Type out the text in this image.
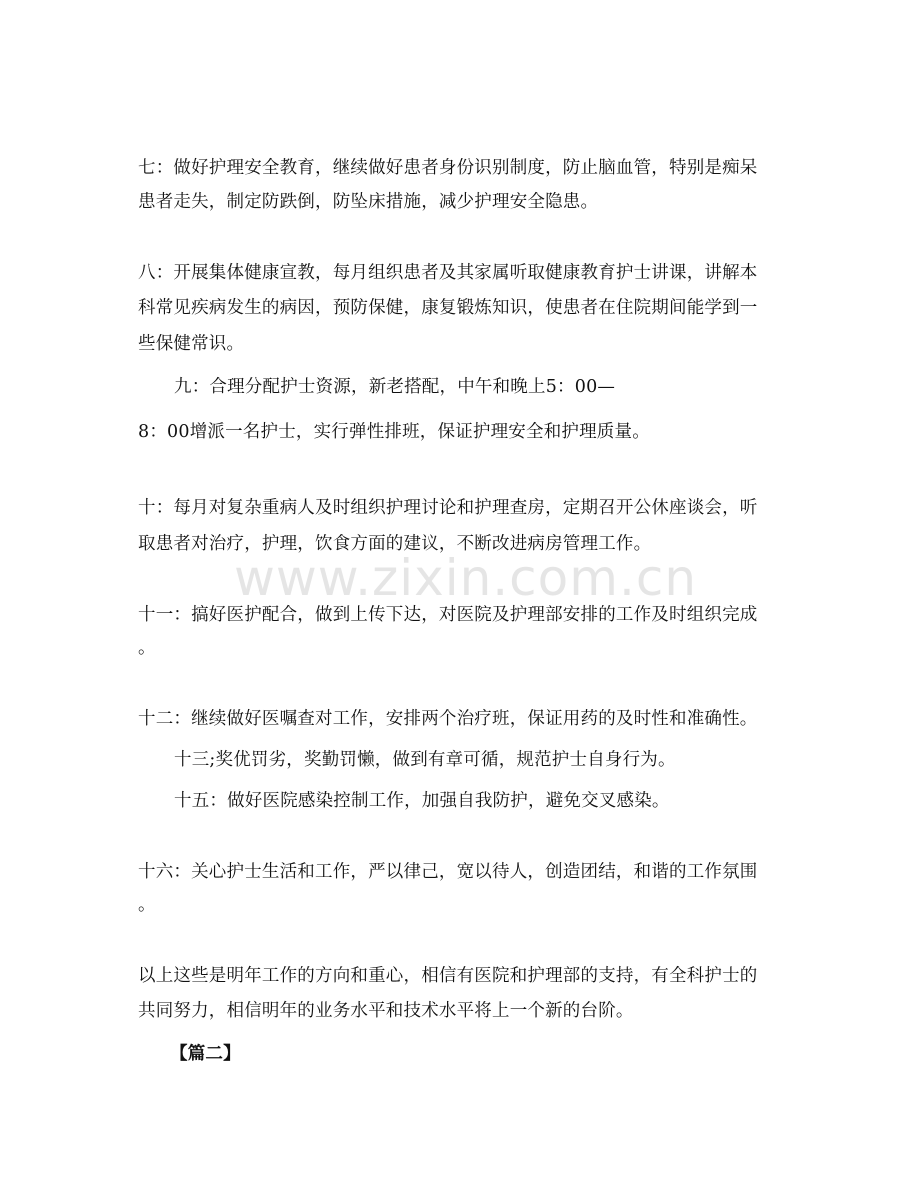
七：做好护理安全教育，继续做好患者身份识别制度，防止脑血管，特别是痴呆
患者走失，制定防跌倒，防坠床措施，减少护理安全隐患。
八：开展集体健康宣教，每月组织患者及其家属听取健康教育护士讲课，讲解本
科常见疾病发生的病因，预防保健，康复锻炼知识，使患者在住院期间能学到一
些保健常识。
九：合理分配护士资源，新老搭配，中午和晚上5：00—
8：00增派一名护士，实行弹性排班，保证护理安全和护理质量。
十：每月对复杂重病人及时组织护理讨论和护理查房，定期召开公休座谈会，听
取患者对治疗，护理，饮食方面的建议，不断改进病房管理工作。
十一：搞好医护配合，做到上传下达，对医院及护理部安排的工作及时组织完成
。
十二：继续做好医嘱查对工作，安排两个治疗班，保证用药的及时性和准确性。
十三;奖优罚劣，奖勤罚懒，做到有章可循，规范护士自身行为。
十五：做好医院感染控制工作，加强自我防护，避免交叉感染。
十六：关心护士生活和工作，严以律己，宽以待人，创造团结，和谐的工作氛围
。
以上这些是明年工作的方向和重心，相信有医院和护理部的支持，有全科护士的
共同努力，相信明年的业务水平和技术水平将上一个新的台阶。
【篇二】
www.zixin.com.cn
